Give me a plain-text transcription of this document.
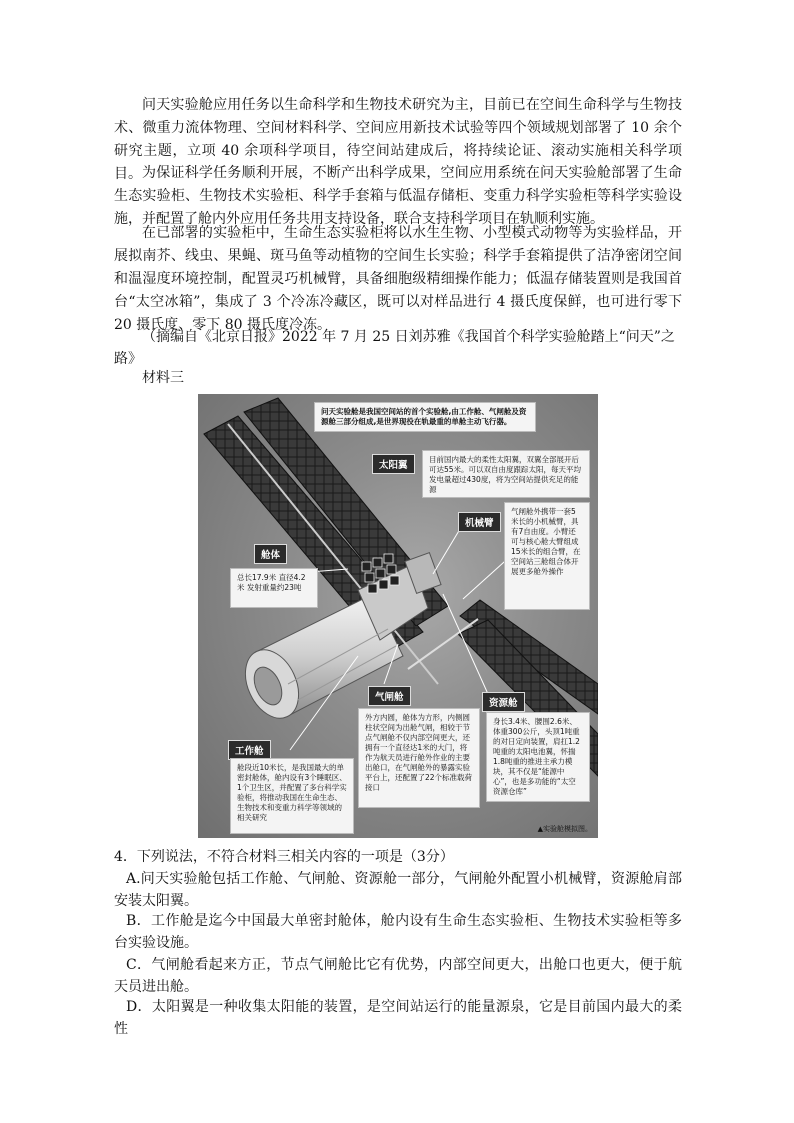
问天实验舱应用任务以生命科学和生物技术研究为主，目前已在空间生命科学与生物技术、微重力流体物理、空间材料科学、空间应用新技术试验等四个领域规划部署了 10 余个研究主题，立项 40 余项科学项目，待空间站建成后，将持续论证、滚动实施相关科学项目。 为保证科学任务顺利开展，不断产出科学成果，空间应用系统在问天实验舱部署了生命生态实验柜、生物技术实验柜、科学手套箱与低温存储柜、变重力科学实验柜等科学实验设施，并配置了舱内外应用任务共用支持设备，联合支持科学项目在轨顺利实施。

在已部署的实验柜中，生命生态实验柜将以水生生物、小型模式动物等为实验样品，开展拟南芥、线虫、果蝇、斑马鱼等动植物的空间生长实验；科学手套箱提供了洁净密闭空间和温湿度环境控制，配置灵巧机械臂，具备细胞级精细操作能力；低温存储装置则是我国首台“太空冰箱”，集成了 3 个冷冻冷藏区，既可以对样品进行 4 摄氏度保鲜，也可进行零下 20 摄氏度、零下 80 摄氏度冷冻。

（摘编自《北京日报》2022 年 7 月 25 日刘苏雅《我国首个科学实验舱踏上“问天”之路》

材料三

问天实验舱是我国空间站的首个实验舱,由工作舱、气闸舱及资源舱三部分组成,是世界现役在轨最重的单舱主动飞行器。
太阳翼
目前国内最大的柔性太阳翼，双翼全部展开后可达55米。可以双自由度跟踪太阳，每天平均发电量超过430度，将为空间站提供充足的能源
机械臂
气闸舱外携带一套5米长的小机械臂，具有7自由度。小臂还可与核心舱大臂组成15米长的组合臂，在空间站三舱组合体开展更多舱外操作
舱体
总长17.9米 直径4.2米 发射重量约23吨
气闸舱
外方内圆，舱体为方形，内侧圆柱状空间为出舱气闸，相较于节点气闸舱不仅内部空间更大，还拥有一个直径达1米的大门，将作为航天员进行舱外作业的主要出舱口，在气闸舱外的暴露实验平台上，还配置了22个标准载荷接口
资源舱
身长3.4米、腰围2.6米、体重300公斤，头顶1吨重的对日定向装置，肩扛1.2吨重的太阳电池翼，怀揣1.8吨重的推进主承力模块，其不仅是“能源中心”，也是多功能的“太空资源仓库”
工作舱
舱段近10米长，是我国最大的单密封舱体，舱内设有3个睡眠区、1个卫生区，并配置了多台科学实验柜，将推动我国在生命生态、生物技术和变重力科学等领域的相关研究
▲实验舱模拟图。

4．下列说法，不符合材料三相关内容的一项是（3分）

A.问天实验舱包括工作舱、气闸舱、资源舱一部分，气闸舱外配置小机械臂，资源舱肩部安装太阳翼。

B．工作舱是迄今中国最大单密封舱体，舱内设有生命生态实验柜、生物技术实验柜等多台实验设施。

C．气闸舱看起来方正，节点气闸舱比它有优势，内部空间更大，出舱口也更大，便于航天员进出舱。

D．太阳翼是一种收集太阳能的装置，是空间站运行的能量源泉，它是目前国内最大的柔性
